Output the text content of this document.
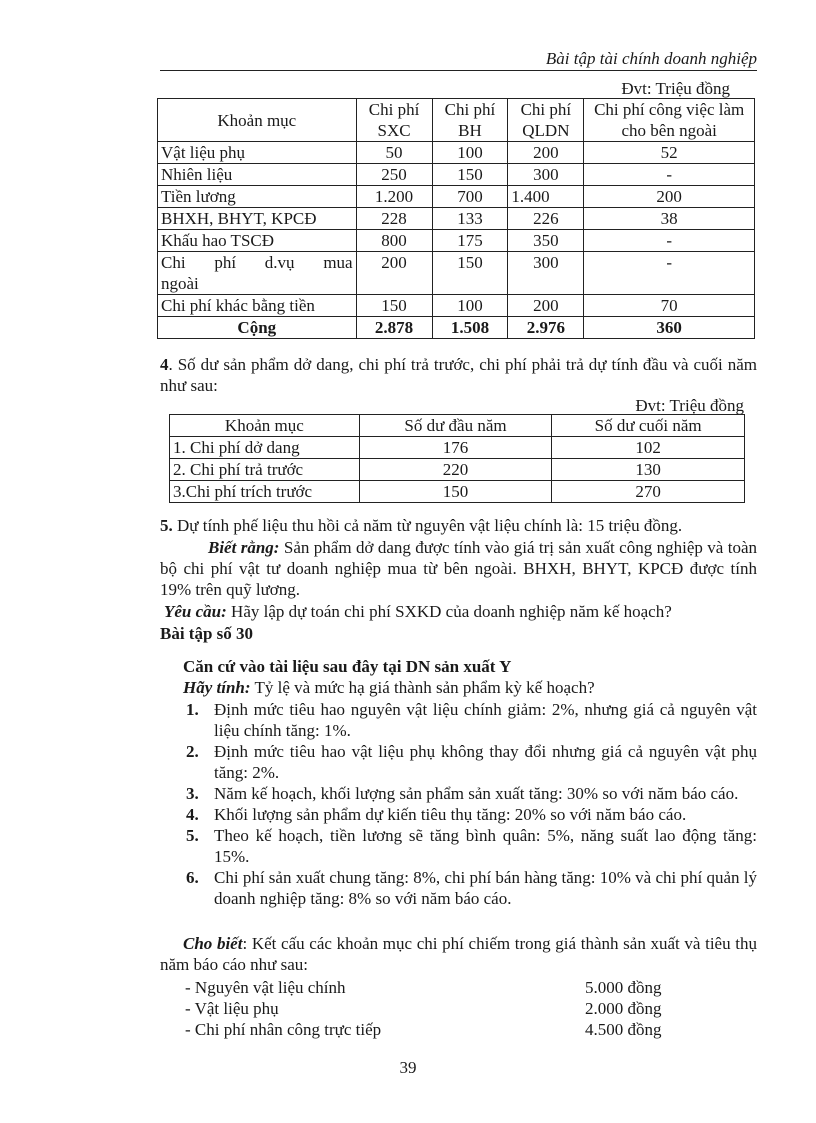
Bài tập tài chính doanh nghiệp
Đvt: Triệu đồng
Khoản mục	Chi phí SXC	Chi phí BH	Chi phí QLDN	Chi phí công việc làm cho bên ngoài
Vật liệu phụ	50	100	200	52
Nhiên liệu	250	150	300	-
Tiền lương	1.200	700	1.400	200
BHXH, BHYT, KPCĐ	228	133	226	38
Khấu hao TSCĐ	800	175	350	-
Chi phí d.vụ mua ngoài	200	150	300	-
Chi phí khác bằng tiền	150	100	200	70
Cộng	2.878	1.508	2.976	360
4. Số dư sản phẩm dở dang, chi phí trả trước, chi phí phải trả dự tính đầu và cuối năm như sau:
Đvt: Triệu đồng
Khoản mục	Số dư đầu năm	Số dư cuối năm
1. Chi phí dở dang	176	102
2. Chi phí trả trước	220	130
3.Chi phí trích trước	150	270
5. Dự tính phế liệu thu hồi cả năm từ nguyên vật liệu chính là: 15 triệu đồng.
Biết rằng: Sản phẩm dở dang được tính vào giá trị sản xuất công nghiệp và toàn bộ chi phí vật tư doanh nghiệp mua từ bên ngoài. BHXH, BHYT, KPCĐ được tính 19% trên quỹ lương.
Yêu cầu: Hãy lập dự toán chi phí SXKD của doanh nghiệp năm kế hoạch?
Bài tập số 30
Căn cứ vào tài liệu sau đây tại DN sản xuất Y
Hãy tính: Tỷ lệ và mức hạ giá thành sản phẩm kỳ kế hoạch?
1. Định mức tiêu hao nguyên vật liệu chính giảm: 2%, nhưng giá cả nguyên vật liệu chính tăng: 1%.
2. Định mức tiêu hao vật liệu phụ không thay đổi nhưng giá cả nguyên vật phụ tăng: 2%.
3. Năm kế hoạch, khối lượng sản phẩm sản xuất tăng: 30% so với năm báo cáo.
4. Khối lượng sản phẩm dự kiến tiêu thụ tăng: 20% so với năm báo cáo.
5. Theo kế hoạch, tiền lương sẽ tăng bình quân: 5%, năng suất lao động tăng: 15%.
6. Chi phí sản xuất chung tăng: 8%, chi phí bán hàng tăng: 10% và chi phí quản lý doanh nghiệp tăng: 8% so với năm báo cáo.
Cho biết: Kết cấu các khoản mục chi phí chiếm trong giá thành sản xuất và tiêu thụ năm báo cáo như sau:
- Nguyên vật liệu chính	5.000 đồng
- Vật liệu phụ	2.000 đồng
- Chi phí nhân công trực tiếp	4.500 đồng
39
